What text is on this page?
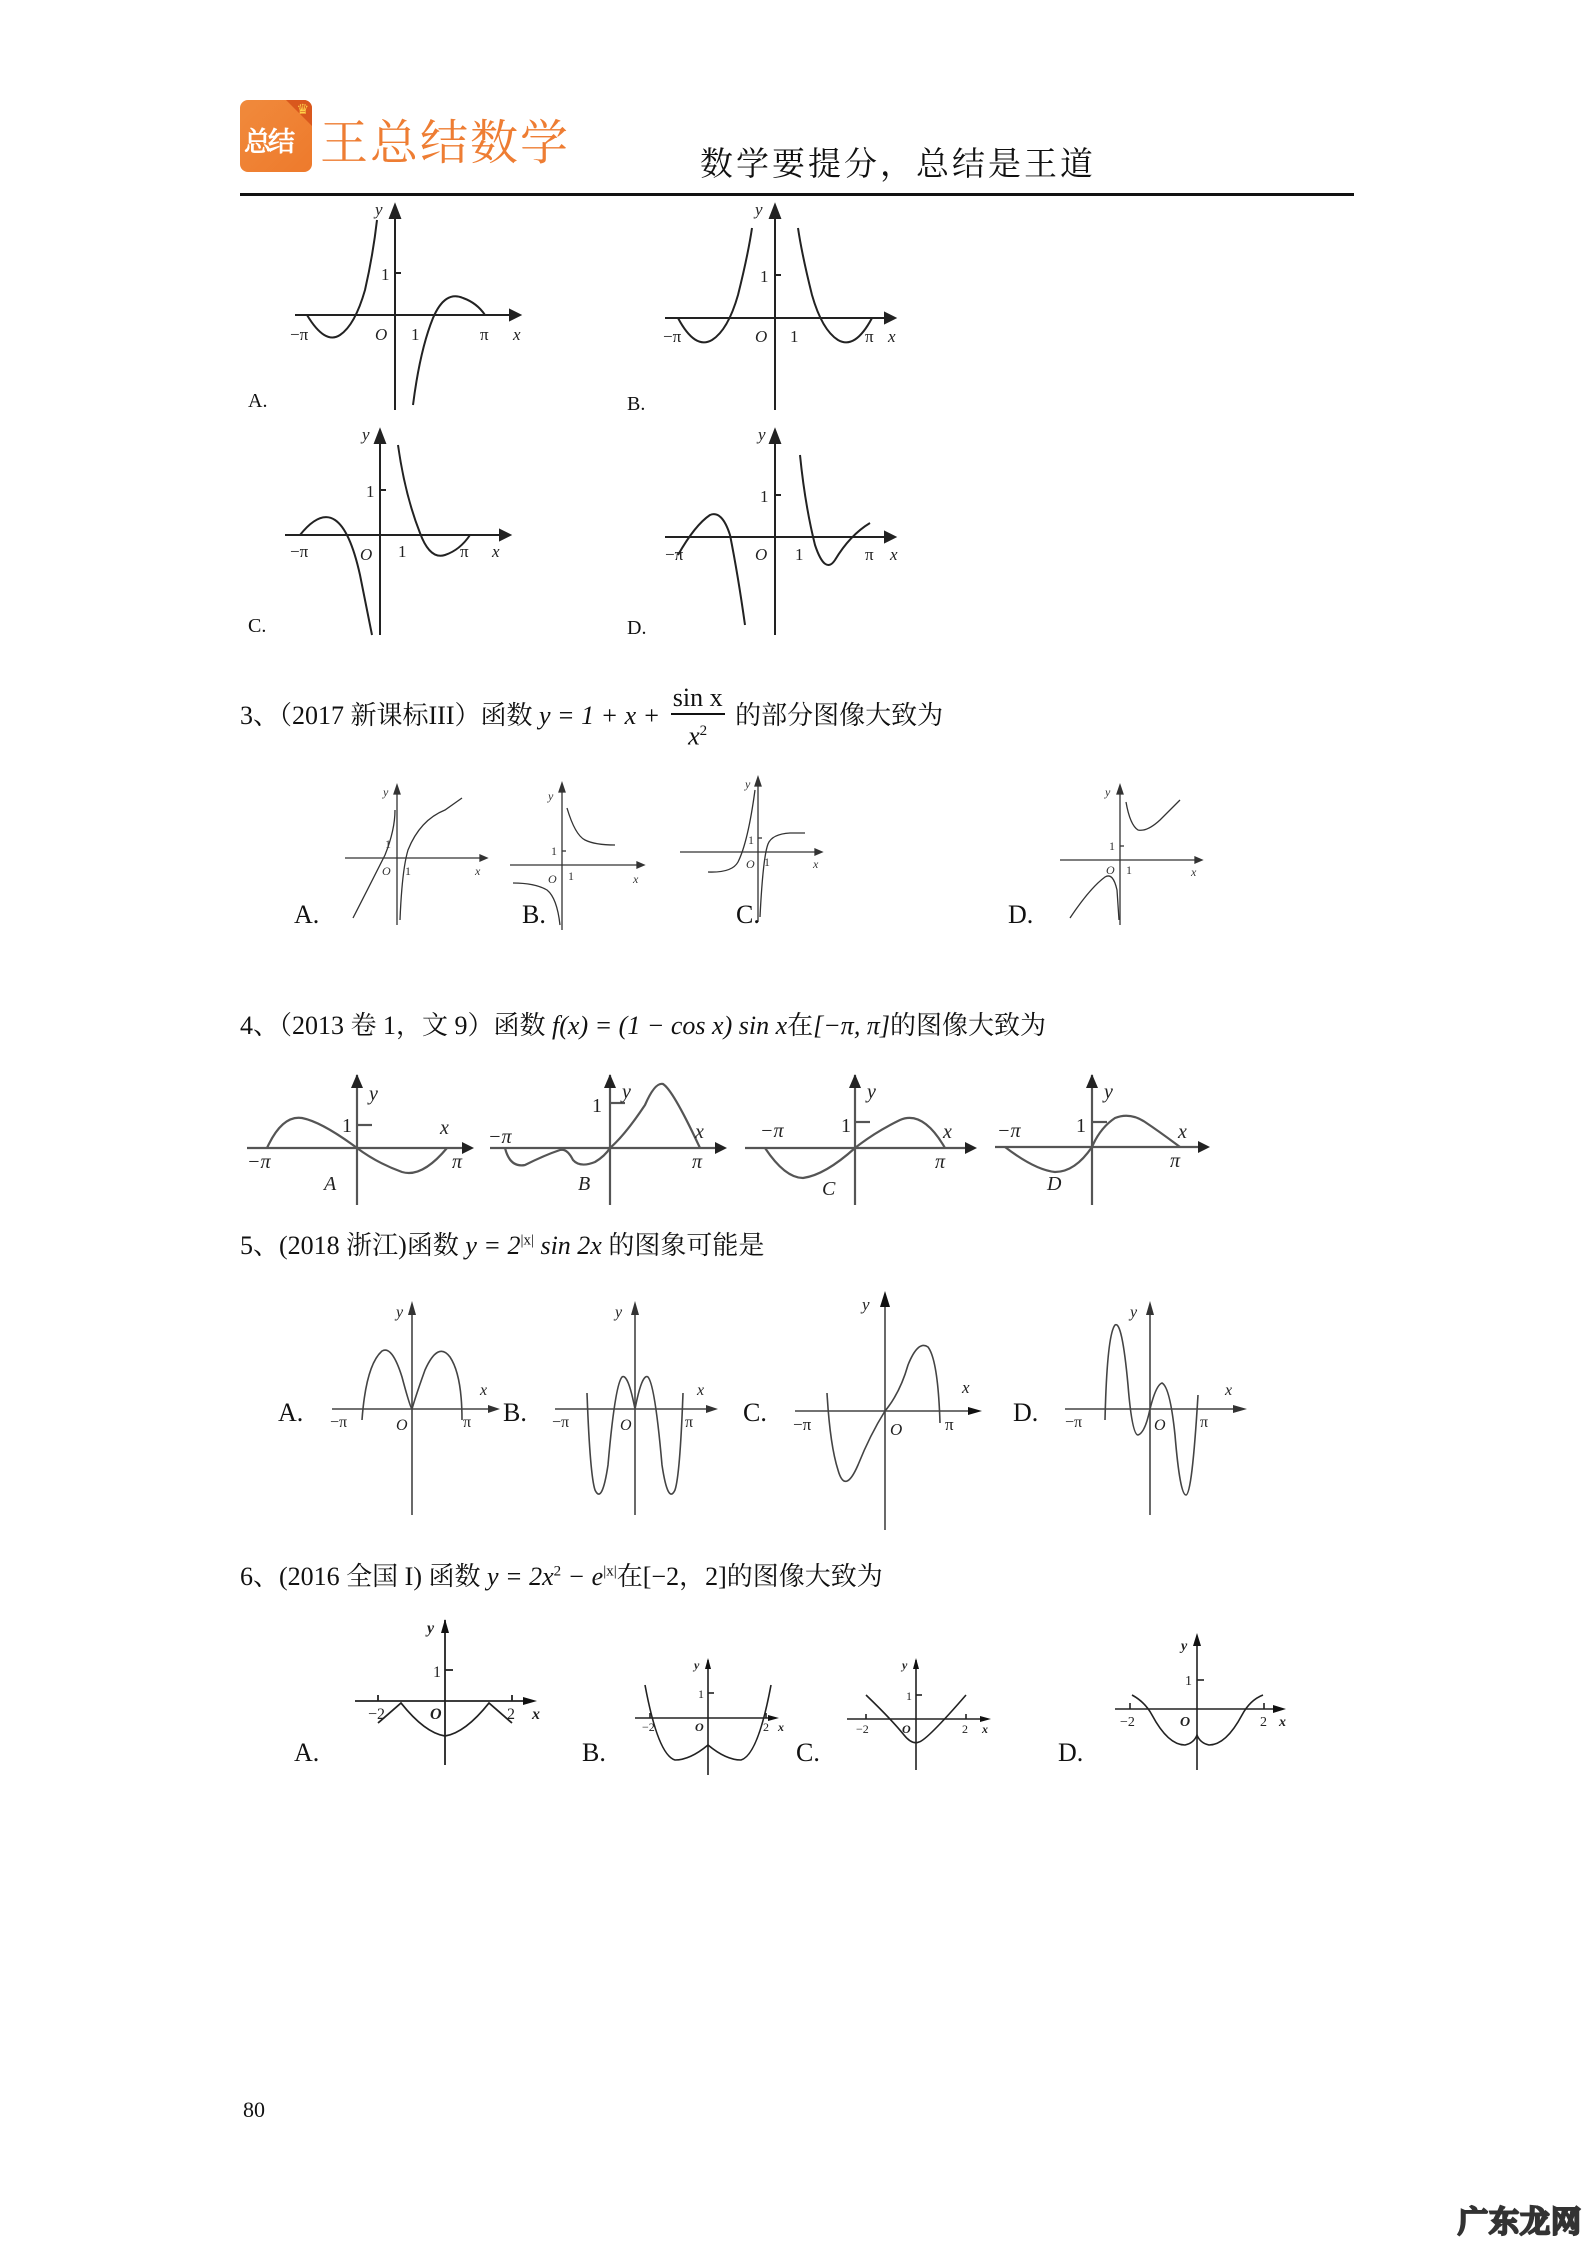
♛
总结 王总结数学	数学要提分，总结是王道
y
x
1
O 1
−π	π
A.
y
x
1
O 1
−π	π
B.
y
x
1
O 1
−π	π
C.
y
x
1
O 1
−π	π
D.
3、（2017 新课标III）函数 $y = 1 + x + \frac{\text{sin x}}{x^2}$ 的部分图像大致为
y
x
1
O 1
A.
y
x
1
O 1
B.
y
x
1
O 1
C.
y
x
1
O 1
D.
4、（2013 卷 1，文 9）函数 f(x) = (1 − cos x) sin x在[−π, π]的图像大致为
y
x
1
−π	π
A
y
x
1
−π
π
B
y
x
1
−π
π
C
y
x
1
−π
π
D
5、(2018 浙江)函数 $y = 2^{|x|}$ sin 2x 的图象可能是
A.
y
x
−π	O	π B.
y
x
−π	O	π C.
y
x
−π	O	π D.
y
x
−π	O π
6、(2016 全国 I) 函数 $y = 2x^2 - e^{|x|}$在[−2，2]的图像大致为
A.
y
1
−2	O	2 x
B.
y
1
−2	O	2 x
C.
y
1
−2	O	2 x
D.
y
1
−2	O	2 x
80
广东龙网
